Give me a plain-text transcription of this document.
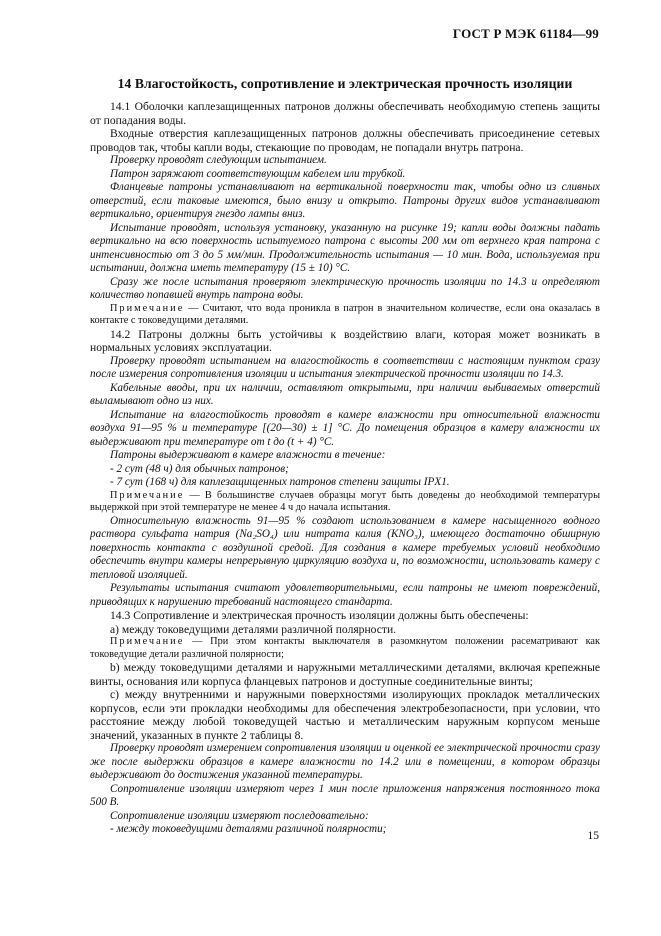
ГОСТ Р МЭК 61184—99
14 Влагостойкость, сопротивление и электрическая прочность изоляции

14.1 Оболочки каплезащищенных патронов должны обеспечивать необходимую степень защиты от попадания воды.

Входные отверстия каплезащищенных патронов должны обеспечивать присоединение сетевых проводов так, чтобы капли воды, стекающие по проводам, не попадали внутрь патрона.

Проверку проводят следующим испытанием.

Патрон заряжают соответствующим кабелем или трубкой.

Фланцевые патроны устанавливают на вертикальной поверхности так, чтобы одно из сливных отверстий, если таковые имеются, было внизу и открыто. Патроны других видов устанавливают вертикально, ориентируя гнездо лампы вниз.

Испытание проводят, используя установку, указанную на рисунке 19; капли воды должны падать вертикально на всю поверхность испытуемого патрона с высоты 200 мм от верхнего края патрона с интенсивностью от 3 до 5 мм/мин. Продолжительность испытания — 10 мин. Вода, используемая при испытании, должна иметь температуру (15 ± 10) °С.

Сразу же после испытания проверяют электрическую прочность изоляции по 14.3 и определяют количество попавшей внутрь патрона воды.

Примечание — Считают, что вода проникла в патрон в значительном количестве, если она оказалась в контакте с токоведущими деталями.

14.2 Патроны должны быть устойчивы к воздействию влаги, которая может возникать в нормальных условиях эксплуатации.

Проверку проводят испытанием на влагостойкость в соответствии с настоящим пунктом сразу после измерения сопротивления изоляции и испытания электрической прочности изоляции по 14.3.

Кабельные вводы, при их наличии, оставляют открытыми, при наличии выбиваемых отверстий выламывают одно из них.

Испытание на влагостойкость проводят в камере влажности при относительной влажности воздуха 91—95 % и температуре [(20—30) ± 1] °С. До помещения образцов в камеру влажности их выдерживают при температуре от t до (t + 4) °С.

Патроны выдерживают в камере влажности в течение:

- 2 сут (48 ч) для обычных патронов;

- 7 сут (168 ч) для каплезащищенных патронов степени защиты IPX1.

Примечание — В большинстве случаев образцы могут быть доведены до необходимой температуры выдержкой при этой температуре не менее 4 ч до начала испытания.

Относительную влажность 91—95 % создают использованием в камере насыщенного водного раствора сульфата натрия (Na₂SO₄) или нитрата калия (KNO₃), имеющего достаточно обширную поверхность контакта с воздушной средой. Для создания в камере требуемых условий необходимо обеспечить внутри камеры непрерывную циркуляцию воздуха и, по возможности, использовать камеру с тепловой изоляцией.

Результаты испытания считают удовлетворительными, если патроны не имеют повреждений, приводящих к нарушению требований настоящего стандарта.

14.3 Сопротивление и электрическая прочность изоляции должны быть обеспечены:

a) между токоведущими деталями различной полярности.

Примечание — При этом контакты выключателя в разомкнутом положении расематривают как токоведущие детали различной полярности;

b) между токоведущими деталями и наружными металлическими деталями, включая крепежные винты, основания или корпуса фланцевых патронов и доступные соединительные винты;

c) между внутренними и наружными поверхностями изолирующих прокладок металлических корпусов, если эти прокладки необходимы для обеспечения электробезопасности, при условии, что расстояние между любой токоведущей частью и металлическим наружным корпусом меньше значений, указанных в пункте 2 таблицы 8.

Проверку проводят измерением сопротивления изоляции и оценкой ее электрической прочности сразу же после выдержки образцов в камере влажности по 14.2 или в помещении, в котором образцы выдерживают до достижения указанной температуры.

Сопротивление изоляции измеряют через 1 мин после приложения напряжения постоянного тока 500 В.

Сопротивление изоляции измеряют последовательно:

- между токоведущими деталями различной полярности;

15
